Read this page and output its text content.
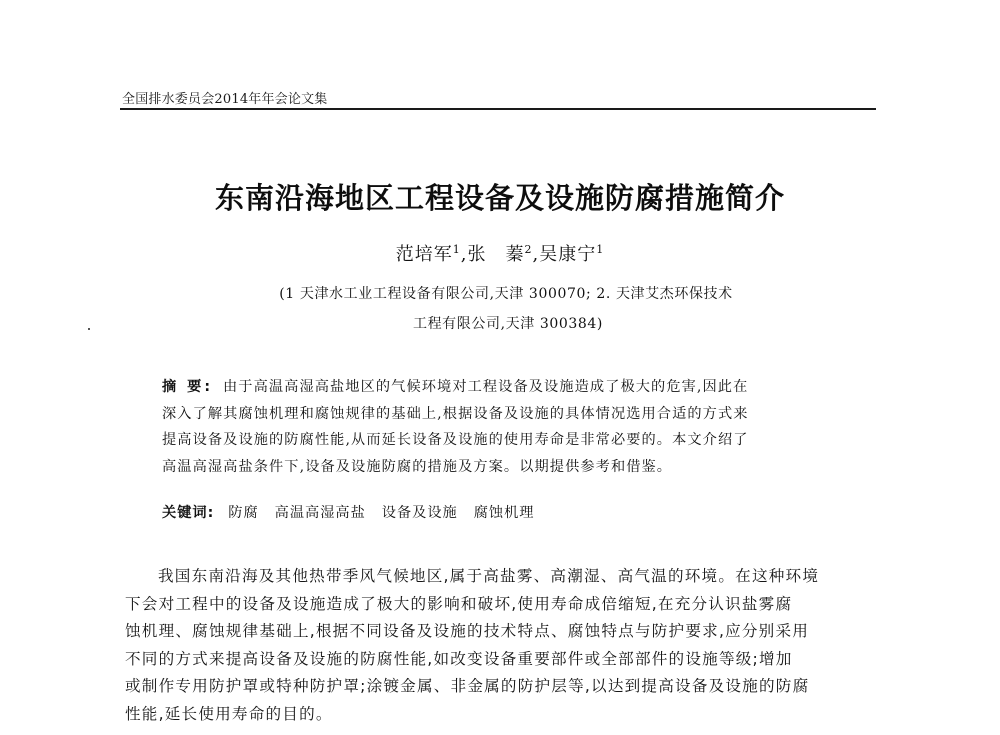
全国排水委员会2014年年会论文集
东南沿海地区工程设备及设施防腐措施简介
范培军$^1$,张　蓁$^2$,吴康宁$^1$
(1 天津水工业工程设备有限公司,天津 300070; 2. 天津艾杰环保技术
工程有限公司,天津 300384)
摘 要: 由于高温高湿高盐地区的气候环境对工程设备及设施造成了极大的危害,因此在
深入了解其腐蚀机理和腐蚀规律的基础上,根据设备及设施的具体情况选用合适的方式来
提高设备及设施的防腐性能,从而延长设备及设施的使用寿命是非常必要的。本文介绍了
高温高湿高盐条件下,设备及设施防腐的措施及方案。以期提供参考和借鉴。
关键词: 防腐 高温高湿高盐 设备及设施 腐蚀机理
我国东南沿海及其他热带季风气候地区,属于高盐雾、高潮湿、高气温的环境。在这种环境
下会对工程中的设备及设施造成了极大的影响和破坏,使用寿命成倍缩短,在充分认识盐雾腐
蚀机理、腐蚀规律基础上,根据不同设备及设施的技术特点、腐蚀特点与防护要求,应分别采用
不同的方式来提高设备及设施的防腐性能,如改变设备重要部件或全部部件的设施等级;增加
或制作专用防护罩或特种防护罩;涂镀金属、非金属的防护层等,以达到提高设备及设施的防腐
性能,延长使用寿命的目的。
